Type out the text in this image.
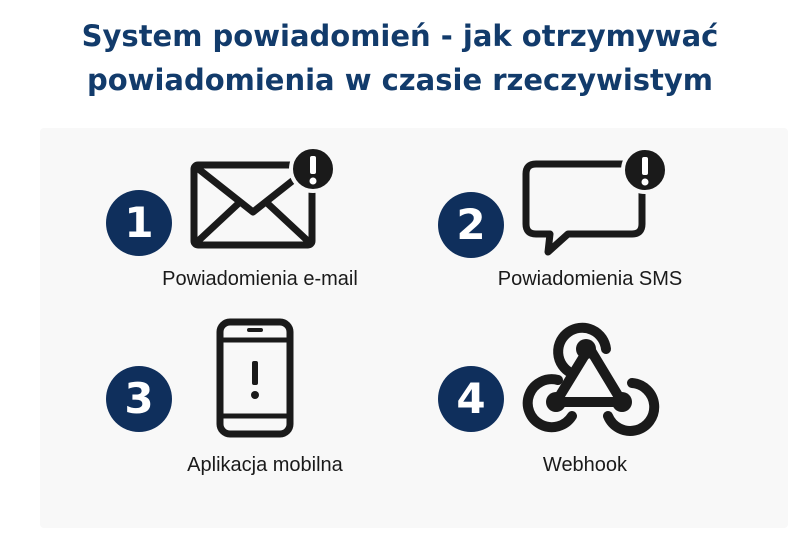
System powiadomień - jak otrzymywać
powiadomienia w czasie rzeczywistym
1
Powiadomienia e-mail
2
Powiadomienia SMS
3
Aplikacja mobilna
4
Webhook
